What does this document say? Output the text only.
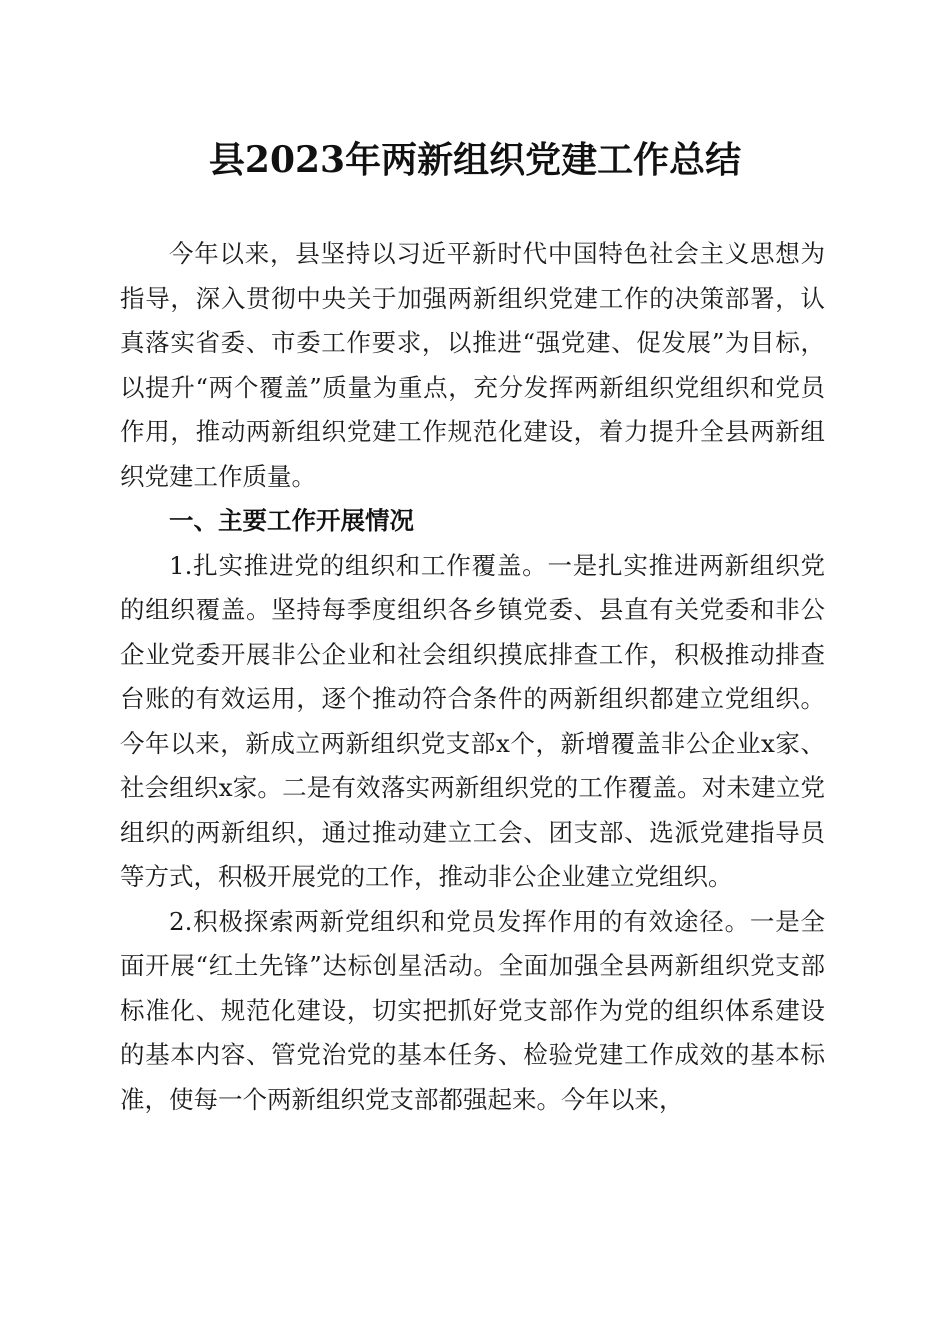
县2023年两新组织党建工作总结

今年以来，县坚持以习近平新时代中国特色社会主义思想为指导，深入贯彻中央关于加强两新组织党建工作的决策部署，认真落实省委、市委工作要求，以推进“强党建、促发展”为目标，以提升“两个覆盖”质量为重点，充分发挥两新组织党组织和党员作用，推动两新组织党建工作规范化建设，着力提升全县两新组织党建工作质量。

一、主要工作开展情况

1.扎实推进党的组织和工作覆盖。一是扎实推进两新组织党的组织覆盖。坚持每季度组织各乡镇党委、县直有关党委和非公企业党委开展非公企业和社会组织摸底排查工作，积极推动排查台账的有效运用，逐个推动符合条件的两新组织都建立党组织。今年以来，新成立两新组织党支部x个，新增覆盖非公企业x家、社会组织x家。二是有效落实两新组织党的工作覆盖。对未建立党组织的两新组织，通过推动建立工会、团支部、选派党建指导员等方式，积极开展党的工作，推动非公企业建立党组织。

2.积极探索两新党组织和党员发挥作用的有效途径。一是全面开展“红土先锋”达标创星活动。全面加强全县两新组织党支部标准化、规范化建设，切实把抓好党支部作为党的组织体系建设的基本内容、管党治党的基本任务、检验党建工作成效的基本标准，使每一个两新组织党支部都强起来。今年以来，
